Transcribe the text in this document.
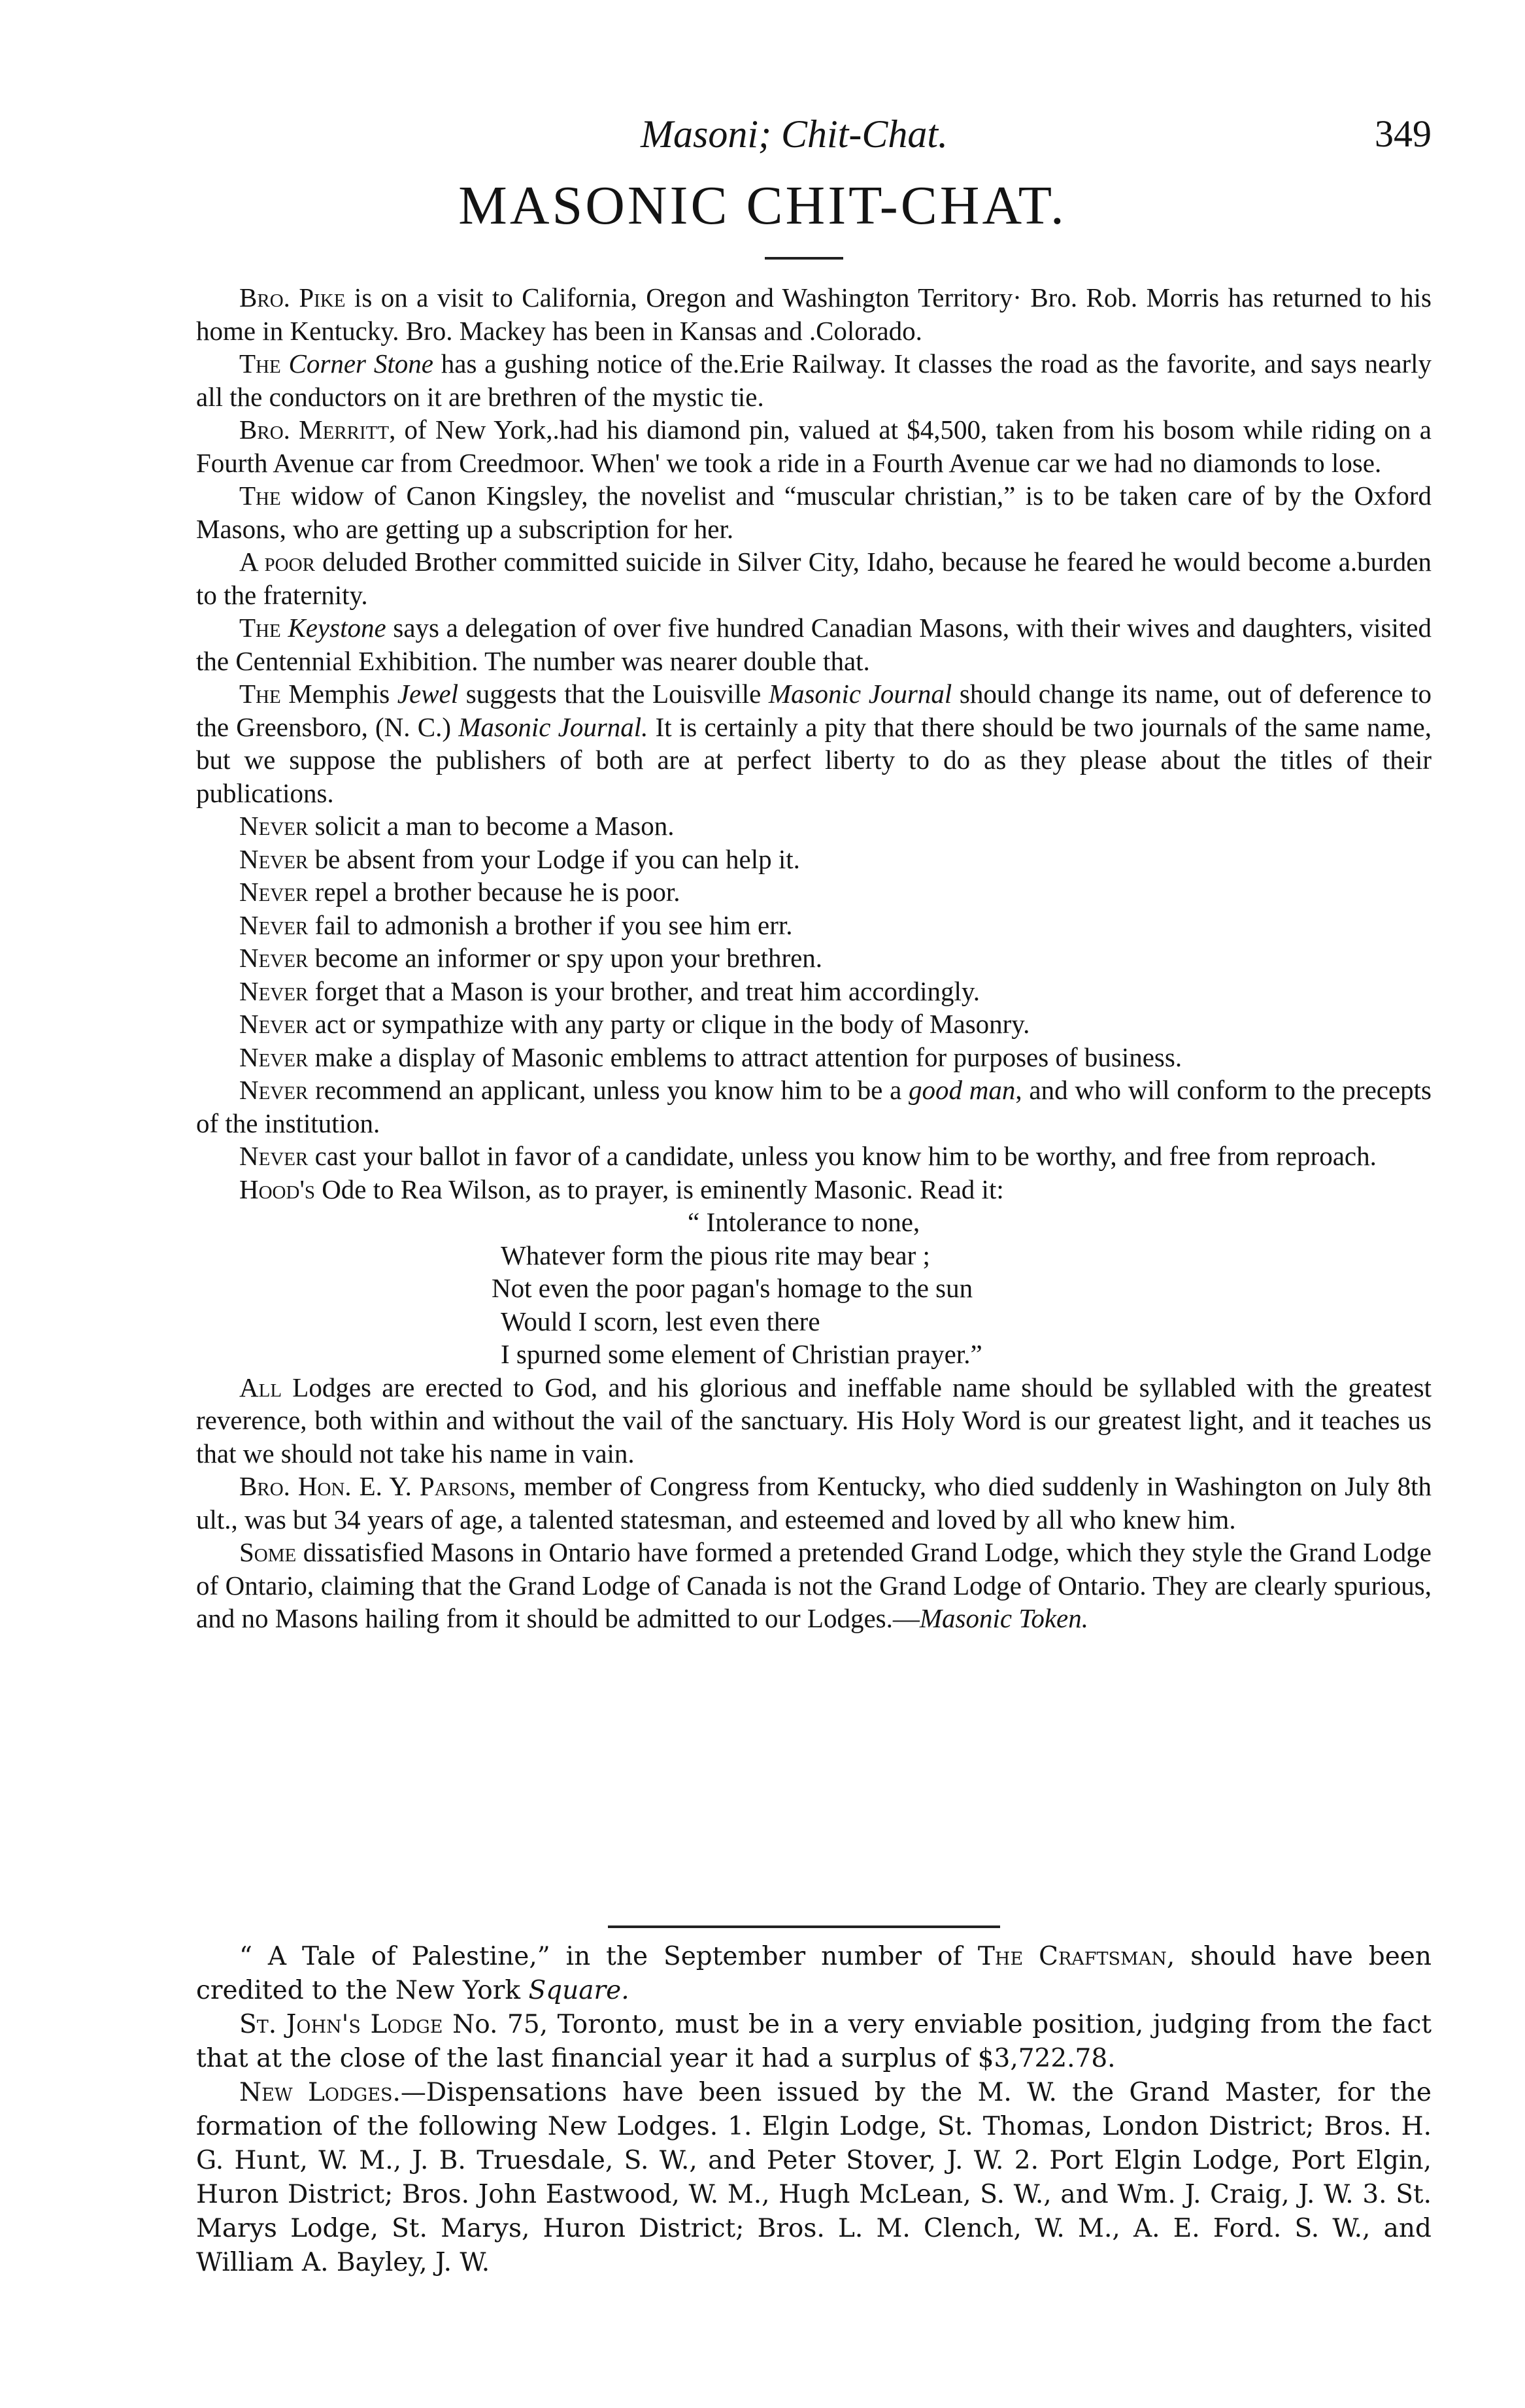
Masoni; Chit-Chat.	349
MASONIC CHIT-CHAT.

Bro. Pike is on a visit to California, Oregon and Washington Territory· Bro. Rob. Morris has returned to his home in Kentucky. Bro. Mackey has been in Kansas and .Colorado.

The Corner Stone has a gushing notice of the.Erie Railway. It classes the road as the favorite, and says nearly all the conductors on it are brethren of the mystic tie.

Bro. Merritt, of New York,.had his diamond pin, valued at $4,500, taken from his bosom while riding on a Fourth Avenue car from Creedmoor. When' we took a ride in a Fourth Avenue car we had no diamonds to lose.

The widow of Canon Kingsley, the novelist and “muscular christian,” is to be taken care of by the Oxford Masons, who are getting up a subscription for her.

A poor deluded Brother committed suicide in Silver City, Idaho, because he feared he would become a.burden to the fraternity.

The Keystone says a delegation of over five hundred Canadian Masons, with their wives and daughters, visited the Centennial Exhibition. The number was nearer double that.

The Memphis Jewel suggests that the Louisville Masonic Journal should change its name, out of deference to the Greensboro, (N. C.) Masonic Journal. It is certainly a pity that there should be two journals of the same name, but we suppose the publishers of both are at perfect liberty to do as they please about the titles of their publications.

Never solicit a man to become a Mason.

Never be absent from your Lodge if you can help it.

Never repel a brother because he is poor.

Never fail to admonish a brother if you see him err.

Never become an informer or spy upon your brethren.

Never forget that a Mason is your brother, and treat him accordingly.

Never act or sympathize with any party or clique in the body of Masonry.

Never make a display of Masonic emblems to attract attention for purposes of business.

Never recommend an applicant, unless you know him to be a good man, and who will conform to the precepts of the institution.

Never cast your ballot in favor of a candidate, unless you know him to be worthy, and free from reproach.

Hood's Ode to Rea Wilson, as to prayer, is eminently Masonic. Read it:

“ Intolerance to none,
Whatever form the pious rite may bear ;
Not even the poor pagan's homage to the sun
Would I scorn, lest even there
I spurned some element of Christian prayer.”

All Lodges are erected to God, and his glorious and ineffable name should be syllabled with the greatest reverence, both within and without the vail of the sanctuary. His Holy Word is our greatest light, and it teaches us that we should not take his name in vain.

Bro. Hon. E. Y. Parsons, member of Congress from Kentucky, who died suddenly in Washington on July 8th ult., was but 34 years of age, a talented statesman, and esteemed and loved by all who knew him.

Some dissatisfied Masons in Ontario have formed a pretended Grand Lodge, which they style the Grand Lodge of Ontario, claiming that the Grand Lodge of Canada is not the Grand Lodge of Ontario. They are clearly spurious, and no Masons hailing from it should be admitted to our Lodges.—Masonic Token.

“ A Tale of Palestine,” in the September number of The Craftsman, should have been credited to the New York Square.

St. John's Lodge No. 75, Toronto, must be in a very enviable position, judging from the fact that at the close of the last financial year it had a surplus of $3,722.78.

New Lodges.—Dispensations have been issued by the M. W. the Grand Master, for the formation of the following New Lodges. 1. Elgin Lodge, St. Thomas, London District; Bros. H. G. Hunt, W. M., J. B. Truesdale, S. W., and Peter Stover, J. W. 2. Port Elgin Lodge, Port Elgin, Huron District; Bros. John Eastwood, W. M., Hugh McLean, S. W., and Wm. J. Craig, J. W. 3. St. Marys Lodge, St. Marys, Huron District; Bros. L. M. Clench, W. M., A. E. Ford. S. W., and William A. Bayley, J. W.
